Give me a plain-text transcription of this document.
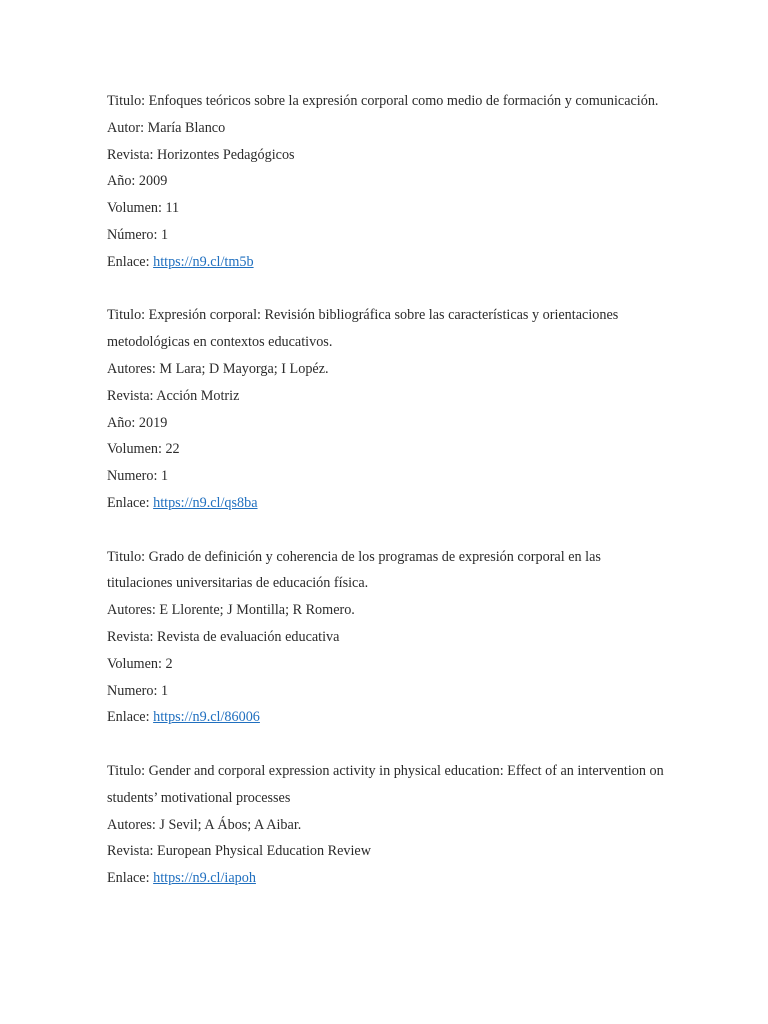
Titulo: Enfoques teóricos sobre la expresión corporal como medio de formación y comunicación.

Autor: María Blanco

Revista: Horizontes Pedagógicos

Año: 2009

Volumen: 11

Número: 1

Enlace: https://n9.cl/tm5b

Titulo: Expresión corporal: Revisión bibliográfica sobre las características y orientaciones metodológicas en contextos educativos.

Autores: M Lara; D Mayorga; I Lopéz.

Revista: Acción Motriz

Año: 2019

Volumen: 22

Numero: 1

Enlace: https://n9.cl/qs8ba

Titulo: Grado de definición y coherencia de los programas de expresión corporal en las titulaciones universitarias de educación física.

Autores: E Llorente; J Montilla; R Romero.

Revista: Revista de evaluación educativa

Volumen: 2

Numero: 1

Enlace: https://n9.cl/86006

Titulo: Gender and corporal expression activity in physical education: Effect of an intervention on students’ motivational processes

Autores: J Sevil; A Ábos; A Aibar.

Revista: European Physical Education Review

Enlace: https://n9.cl/iapoh
